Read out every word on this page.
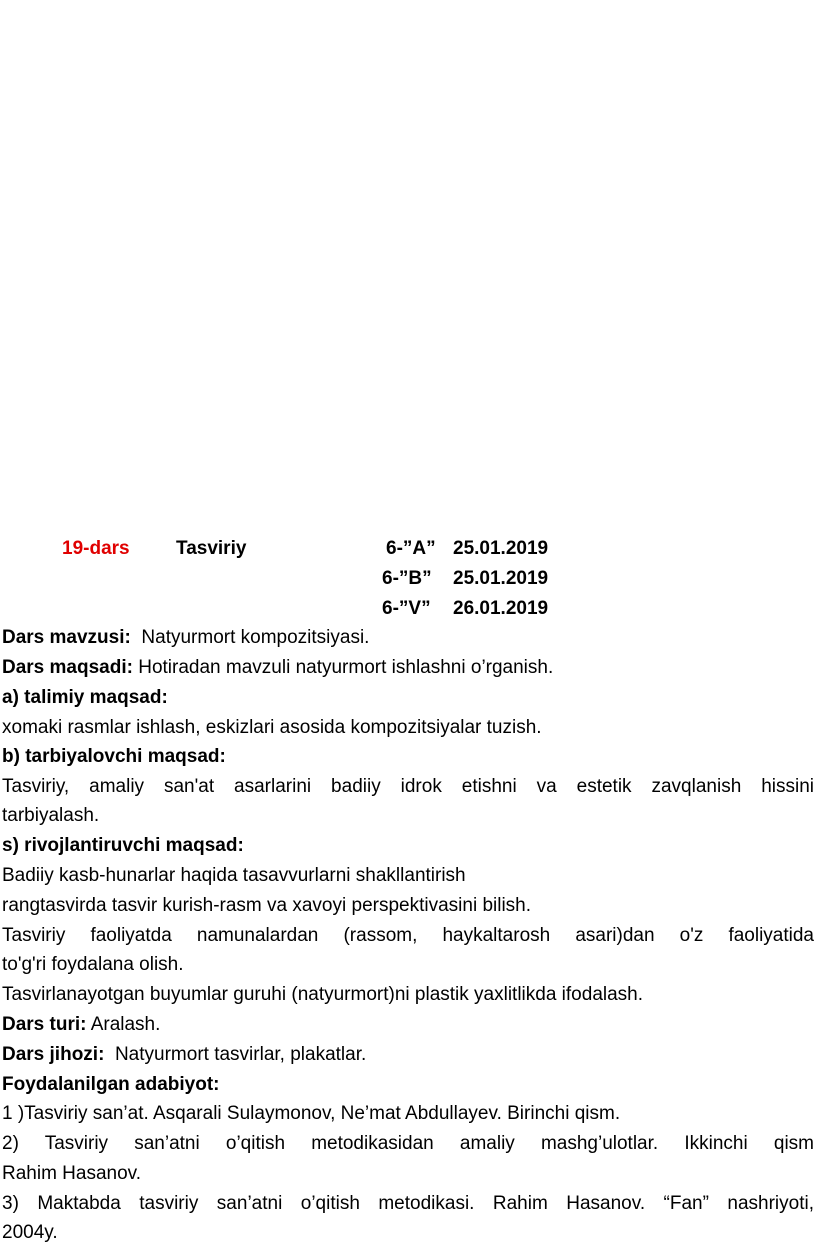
19-dars Tasviriy	6-”A” 25.01.2019
6-”B” 25.01.2019
6-”V” 26.01.2019
Dars mavzusi:  Natyurmort kompozitsiyasi.
Dars maqsadi: Hotiradan mavzuli natyurmort ishlashni o’rganish.
a) talimiy maqsad:
xomaki rasmlar ishlash, eskizlari asosida kompozitsiyalar tuzish.
b) tarbiyalovchi maqsad:
Tasviriy, amaliy san'at asarlarini badiiy idrok etishni va estetik zavqlanish hissini
tarbiyalash.
s) rivojlantiruvchi maqsad:
Badiiy kasb-hunarlar haqida tasavvurlarni shakllantirish
rangtasvirda tasvir kurish-rasm va xavoyi perspektivasini bilish.
Tasviriy faoliyatda namunalardan (rassom, haykaltarosh asari)dan o'z faoliyatida
to'g'ri foydalana olish.
Tasvirlanayotgan buyumlar guruhi (natyurmort)ni plastik yaxlitlikda ifodalash.
Dars turi: Aralash.
Dars jihozi:  Natyurmort tasvirlar, plakatlar.
Foydalanilgan adabiyot:
1 )Tasviriy san’at. Asqarali Sulaymonov, Ne’mat Abdullayev. Birinchi qism.
2) Tasviriy san’atni o’qitish metodikasidan amaliy mashg’ulotlar. Ikkinchi qism
Rahim Hasanov.
3) Maktabda tasviriy san’atni o’qitish metodikasi. Rahim Hasanov. “Fan” nashriyoti,
2004y.
